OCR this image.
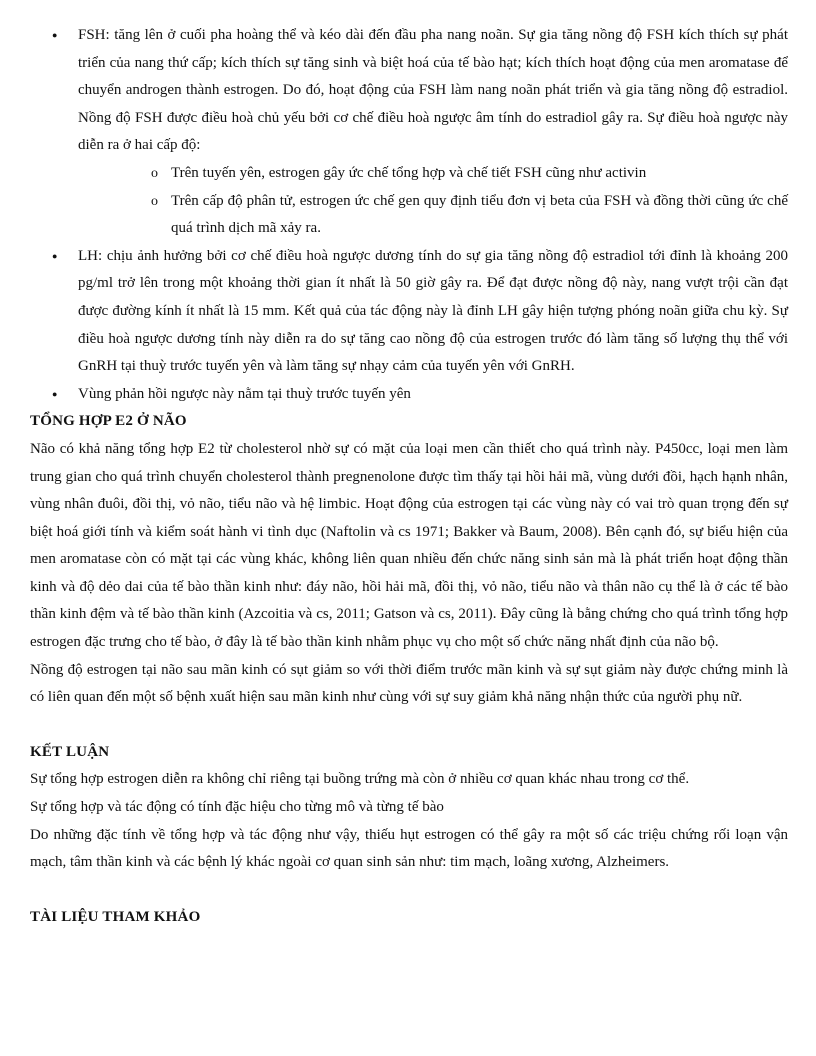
● FSH: tăng lên ở cuối pha hoàng thể và kéo dài đến đầu pha nang noãn. Sự gia tăng nồng độ FSH kích thích sự phát triển của nang thứ cấp; kích thích sự tăng sinh và biệt hoá của tế bào hạt; kích thích hoạt động của men aromatase để chuyển androgen thành estrogen. Do đó, hoạt động của FSH làm nang noãn phát triển và gia tăng nồng độ estradiol. Nồng độ FSH được điều hoà chủ yếu bởi cơ chế điều hoà ngược âm tính do estradiol gây ra. Sự điều hoà ngược này diễn ra ở hai cấp độ:

o Trên tuyến yên, estrogen gây ức chế tổng hợp và chế tiết FSH cũng như activin

o Trên cấp độ phân tử, estrogen ức chế gen quy định tiểu đơn vị beta của FSH và đồng thời cũng ức chế quá trình dịch mã xảy ra.

● LH: chịu ảnh hưởng bởi cơ chế điều hoà ngược dương tính do sự gia tăng nồng độ estradiol tới đỉnh là khoảng 200 pg/ml trở lên trong một khoảng thời gian ít nhất là 50 giờ gây ra. Để đạt được nồng độ này, nang vượt trội cần đạt được đường kính ít nhất là 15 mm. Kết quả của tác động này là đỉnh LH gây hiện tượng phóng noãn giữa chu kỳ. Sự điều hoà ngược dương tính này diễn ra do sự tăng cao nồng độ của estrogen trước đó làm tăng số lượng thụ thể với GnRH tại thuỳ trước tuyến yên và làm tăng sự nhạy cảm của tuyến yên với GnRH.

● Vùng phản hồi ngược này nằm tại thuỳ trước tuyến yên

TỔNG HỢP E2 Ở NÃO

Não có khả năng tổng hợp E2 từ cholesterol nhờ sự có mặt của loại men cần thiết cho quá trình này. P450cc, loại men làm trung gian cho quá trình chuyển cholesterol thành pregnenolone được tìm thấy tại hồi hải mã, vùng dưới đồi, hạch hạnh nhân, vùng nhân đuôi, đồi thị, vỏ não, tiểu não và hệ limbic. Hoạt động của estrogen tại các vùng này có vai trò quan trọng đến sự biệt hoá giới tính và kiểm soát hành vi tình dục (Naftolin và cs 1971; Bakker và Baum, 2008). Bên cạnh đó, sự biểu hiện của men aromatase còn có mặt tại các vùng khác, không liên quan nhiều đến chức năng sinh sản mà là phát triển hoạt động thần kinh và độ dẻo dai của tế bào thần kinh như: đáy não, hồi hải mã, đồi thị, vỏ não, tiểu não và thân não cụ thể là ở các tế bào thần kinh đệm và tế bào thần kinh (Azcoitia và cs, 2011; Gatson và cs, 2011). Đây cũng là bằng chứng cho quá trình tổng hợp estrogen đặc trưng cho tế bào, ở đây là tế bào thần kinh nhằm phục vụ cho một số chức năng nhất định của não bộ.

Nồng độ estrogen tại não sau mãn kinh có sụt giảm so với thời điểm trước mãn kinh và sự sụt giảm này được chứng minh là có liên quan đến một số bệnh xuất hiện sau mãn kinh như cùng với sự suy giảm khả năng nhận thức của người phụ nữ.

KẾT LUẬN

Sự tổng hợp estrogen diễn ra không chỉ riêng tại buồng trứng mà còn ở nhiều cơ quan khác nhau trong cơ thể.

Sự tổng hợp và tác động có tính đặc hiệu cho từng mô và từng tế bào

Do những đặc tính về tổng hợp và tác động như vậy, thiếu hụt estrogen có thể gây ra một số các triệu chứng rối loạn vận mạch, tâm thần kinh và các bệnh lý khác ngoài cơ quan sinh sản như: tim mạch, loãng xương, Alzheimers.

TÀI LIỆU THAM KHẢO
